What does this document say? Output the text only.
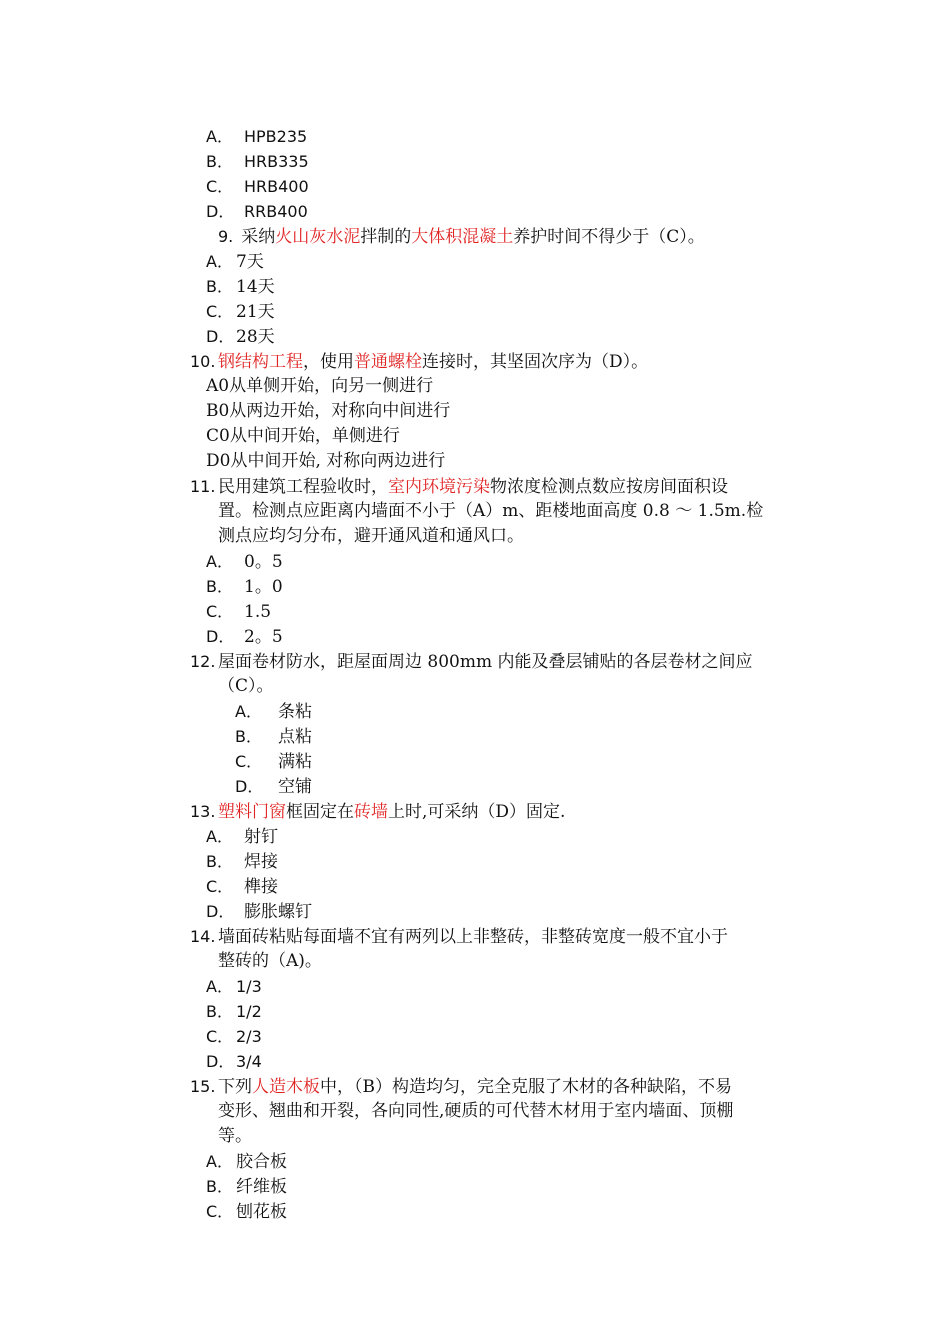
A． HPB235
B． HRB335
C． HRB400
D． RRB400
9. 采纳火山灰水泥拌制的大体积混凝土养护时间不得少于（C）。
A． 7天
B． 14天
C． 21天
D．28天
10. 钢结构工程，使用普通螺栓连接时，其坚固次序为（D）。
A0从单侧开始，向另一侧进行
B0从两边开始，对称向中间进行
C0从中间开始，单侧进行
D0从中间开始, 对称向两边进行
11. 民用建筑工程验收时，室内环境污染物浓度检测点数应按房间面积设
置。检测点应距离内墙面不小于（A）m、距楼地面高度 0.8 ～ 1.5m.检
测点应均匀分布，避开通风道和通风口。
A． 0。5
B． 1。0
C． 1.5
D． 2。5
12. 屋面卷材防水，距屋面周边 800mm 内能及叠层铺贴的各层卷材之间应
（C）。
A． 条粘
B． 点粘
C． 满粘
D． 空铺
13. 塑料门窗框固定在砖墙上时,可采纳（D）固定.
A． 射钉
B． 焊接
C． 榫接
D． 膨胀螺钉
14. 墙面砖粘贴每面墙不宜有两列以上非整砖，非整砖宽度一般不宜小于
整砖的（A)。
A． 1/3
B． 1/2
C． 2/3
D． 3/4
15. 下列人造木板中，（B）构造均匀，完全克服了木材的各种缺陷，不易
变形、翘曲和开裂，各向同性,硬质的可代替木材用于室内墙面、顶棚
等。
A． 胶合板
B． 纤维板
C． 刨花板
